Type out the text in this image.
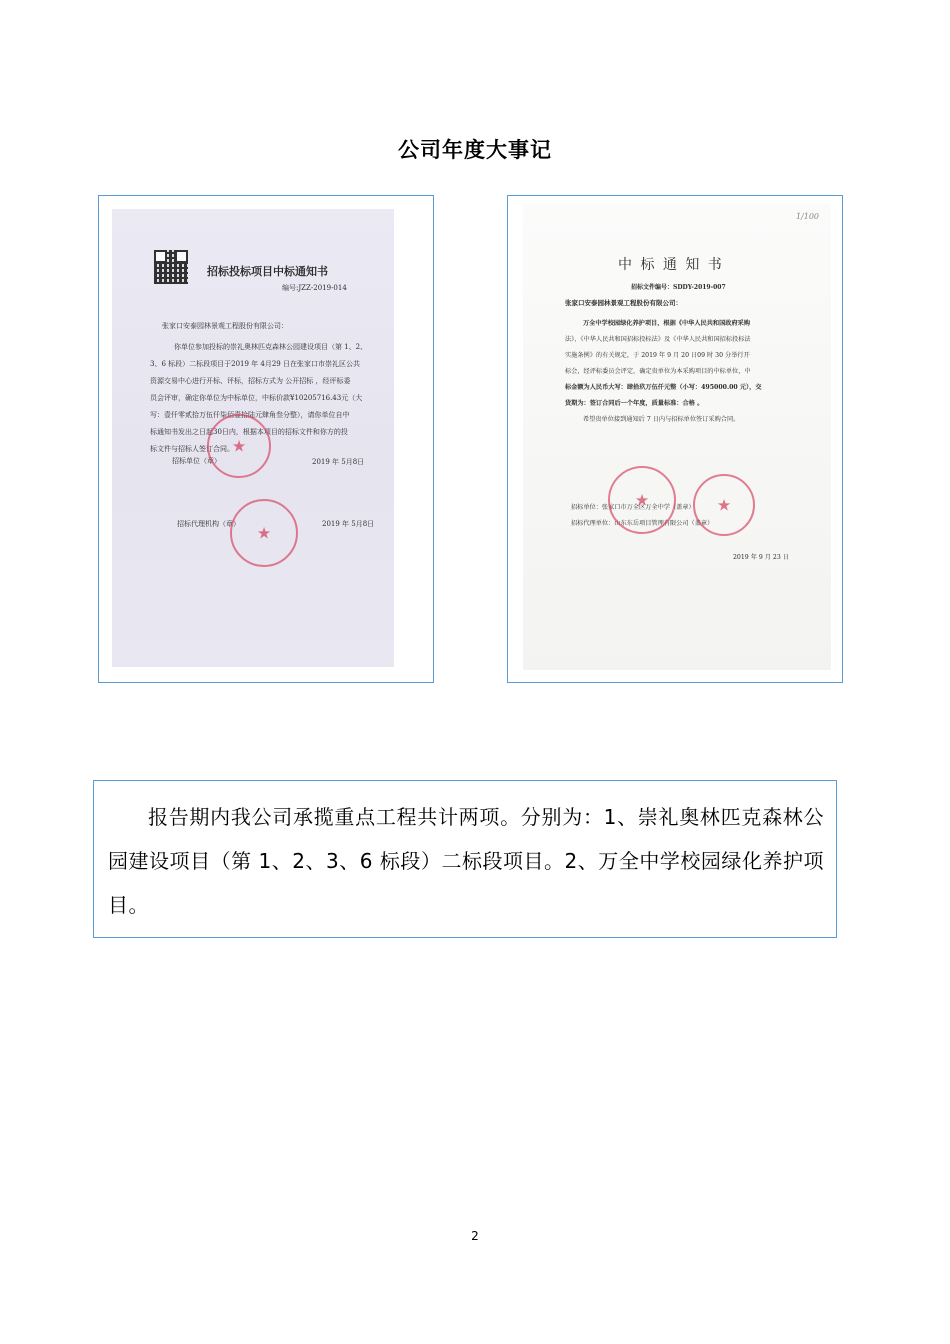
公司年度大事记
招标投标项目中标通知书
编号:JZZ-2019-014
张家口安泰园林景观工程股份有限公司：
你单位参加投标的崇礼奥林匹克森林公园建设项目（第 1、2、
3、6 标段）二标段项目于2019 年 4月29 日在张家口市崇礼区公共
资源交易中心进行开标、评标，招标方式为 公开招标 ，经评标委
员会评审，确定你单位为中标单位，中标价款¥10205716.43元（大
写：壹仟零贰拾万伍仟柒佰壹拾陆元肆角叁分整），请你单位自中
标通知书发出之日起30日内，根据本项目的招标文件和你方的投
标文件与招标人签订合同。
招标单位（章）	2019 年 5月8日
★
招标代理机构（章）	2019 年 5月8日
★
1/100
中 标 通 知 书
招标文件编号：SDDY-2019-007
张家口安泰园林景观工程股份有限公司：
万全中学校园绿化养护项目，根据《中华人民共和国政府采购
法》、《中华人民共和国招标投标法》及《中华人民共和国招标投标法
实施条例》的有关规定，于 2019 年 9 月 20 日09 时 30 分举行开
标会，经评标委员会评定，确定贵单位为本采购项目的中标单位，中
标金额为人民币大写：肆拾玖万伍仟元整（小写：495000.00 元），交
货期为：签订合同后一个年度，质量标准：合格 。
希望贵单位接到通知后 7 日内与招标单位签订采购合同。
招标单位：张家口市万全区万全中学（盖章）
招标代理单位：山东东岳项目管理有限公司（盖章）
★
★
2019 年 9 月 23 日

报告期内我公司承揽重点工程共计两项。分别为：1、崇礼奥林匹克森林公园建设项目（第 1、2、3、6 标段）二标段项目。2、万全中学校园绿化养护项目。

2
